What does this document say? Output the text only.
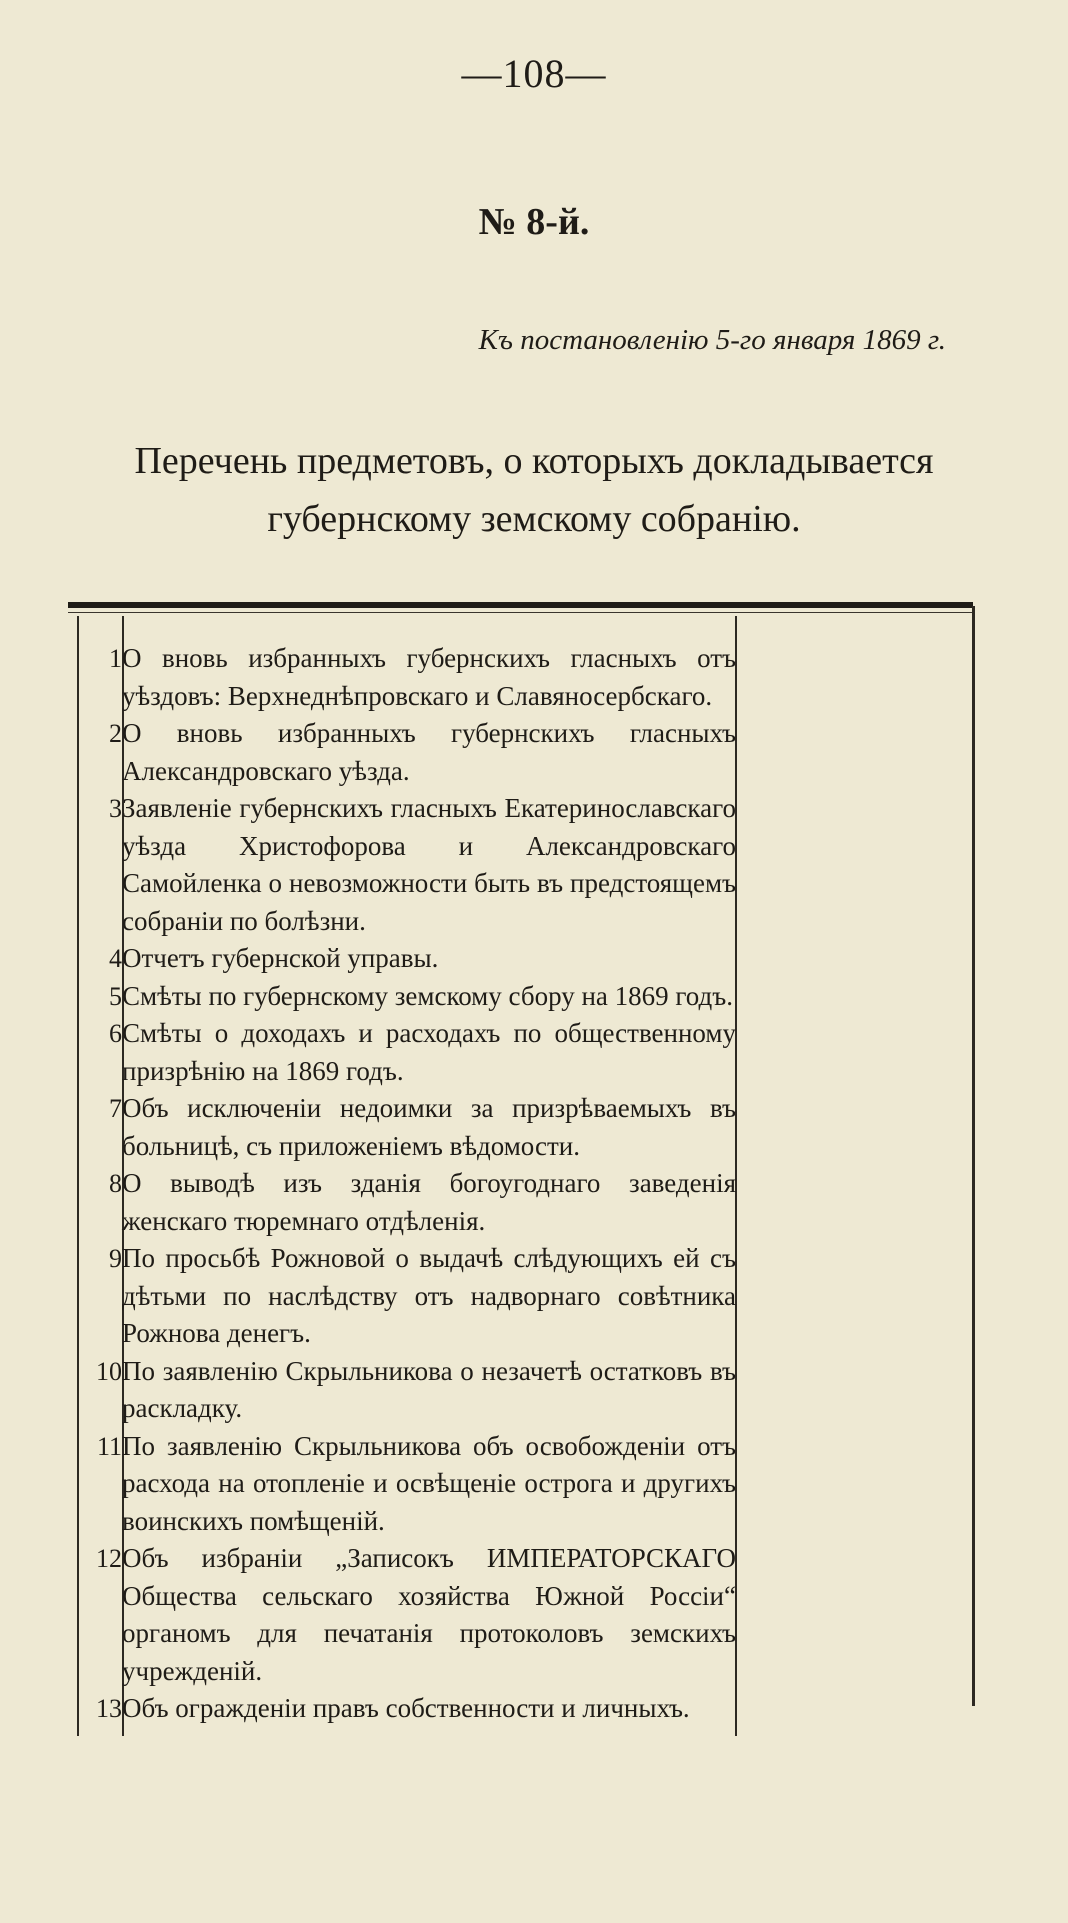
—108—
№ 8-й.
Къ постановленію 5-го января 1869 г.
Перечень предметовъ, о которыхъ докладывается губернскому земскому собранію.
1	О вновь избранныхъ губернскихъ гласныхъ отъ уѣздовъ: Верхнеднѣпровскаго и Славяносербскаго.
2	О вновь избранныхъ губернскихъ гласныхъ Александровскаго уѣзда.
3	Заявленіе губернскихъ гласныхъ Екатеринославскаго уѣзда Христофорова и Александровскаго Самойленка о невозможности быть въ предстоящемъ собраніи по болѣзни.
4	Отчетъ губернской управы.
5	Смѣты по губернскому земскому сбору на 1869 годъ.
6	Смѣты о доходахъ и расходахъ по общественному призрѣнію на 1869 годъ.
7	Объ исключеніи недоимки за призрѣваемыхъ въ больницѣ, съ приложеніемъ вѣдомости.
8	О выводѣ изъ зданія богоугоднаго заведенія женскаго тюремнаго отдѣленія.
9	По просьбѣ Рожновой о выдачѣ слѣдующихъ ей съ дѣтьми по наслѣдству отъ надворнаго совѣтника Рожнова денегъ.
10	По заявленію Скрыльникова о незачетѣ остатковъ въ раскладку.
11	По заявленію Скрыльникова объ освобожденіи отъ расхода на отопленіе и освѣщеніе острога и другихъ воинскихъ помѣщеній.
12	Объ избраніи „Записокъ ИМПЕРАТОРСКАГО Общества сельскаго хозяйства Южной Россіи“ органомъ для печатанія протоколовъ земскихъ учрежденій.
13	Объ огражденіи правъ собственности и личныхъ.
